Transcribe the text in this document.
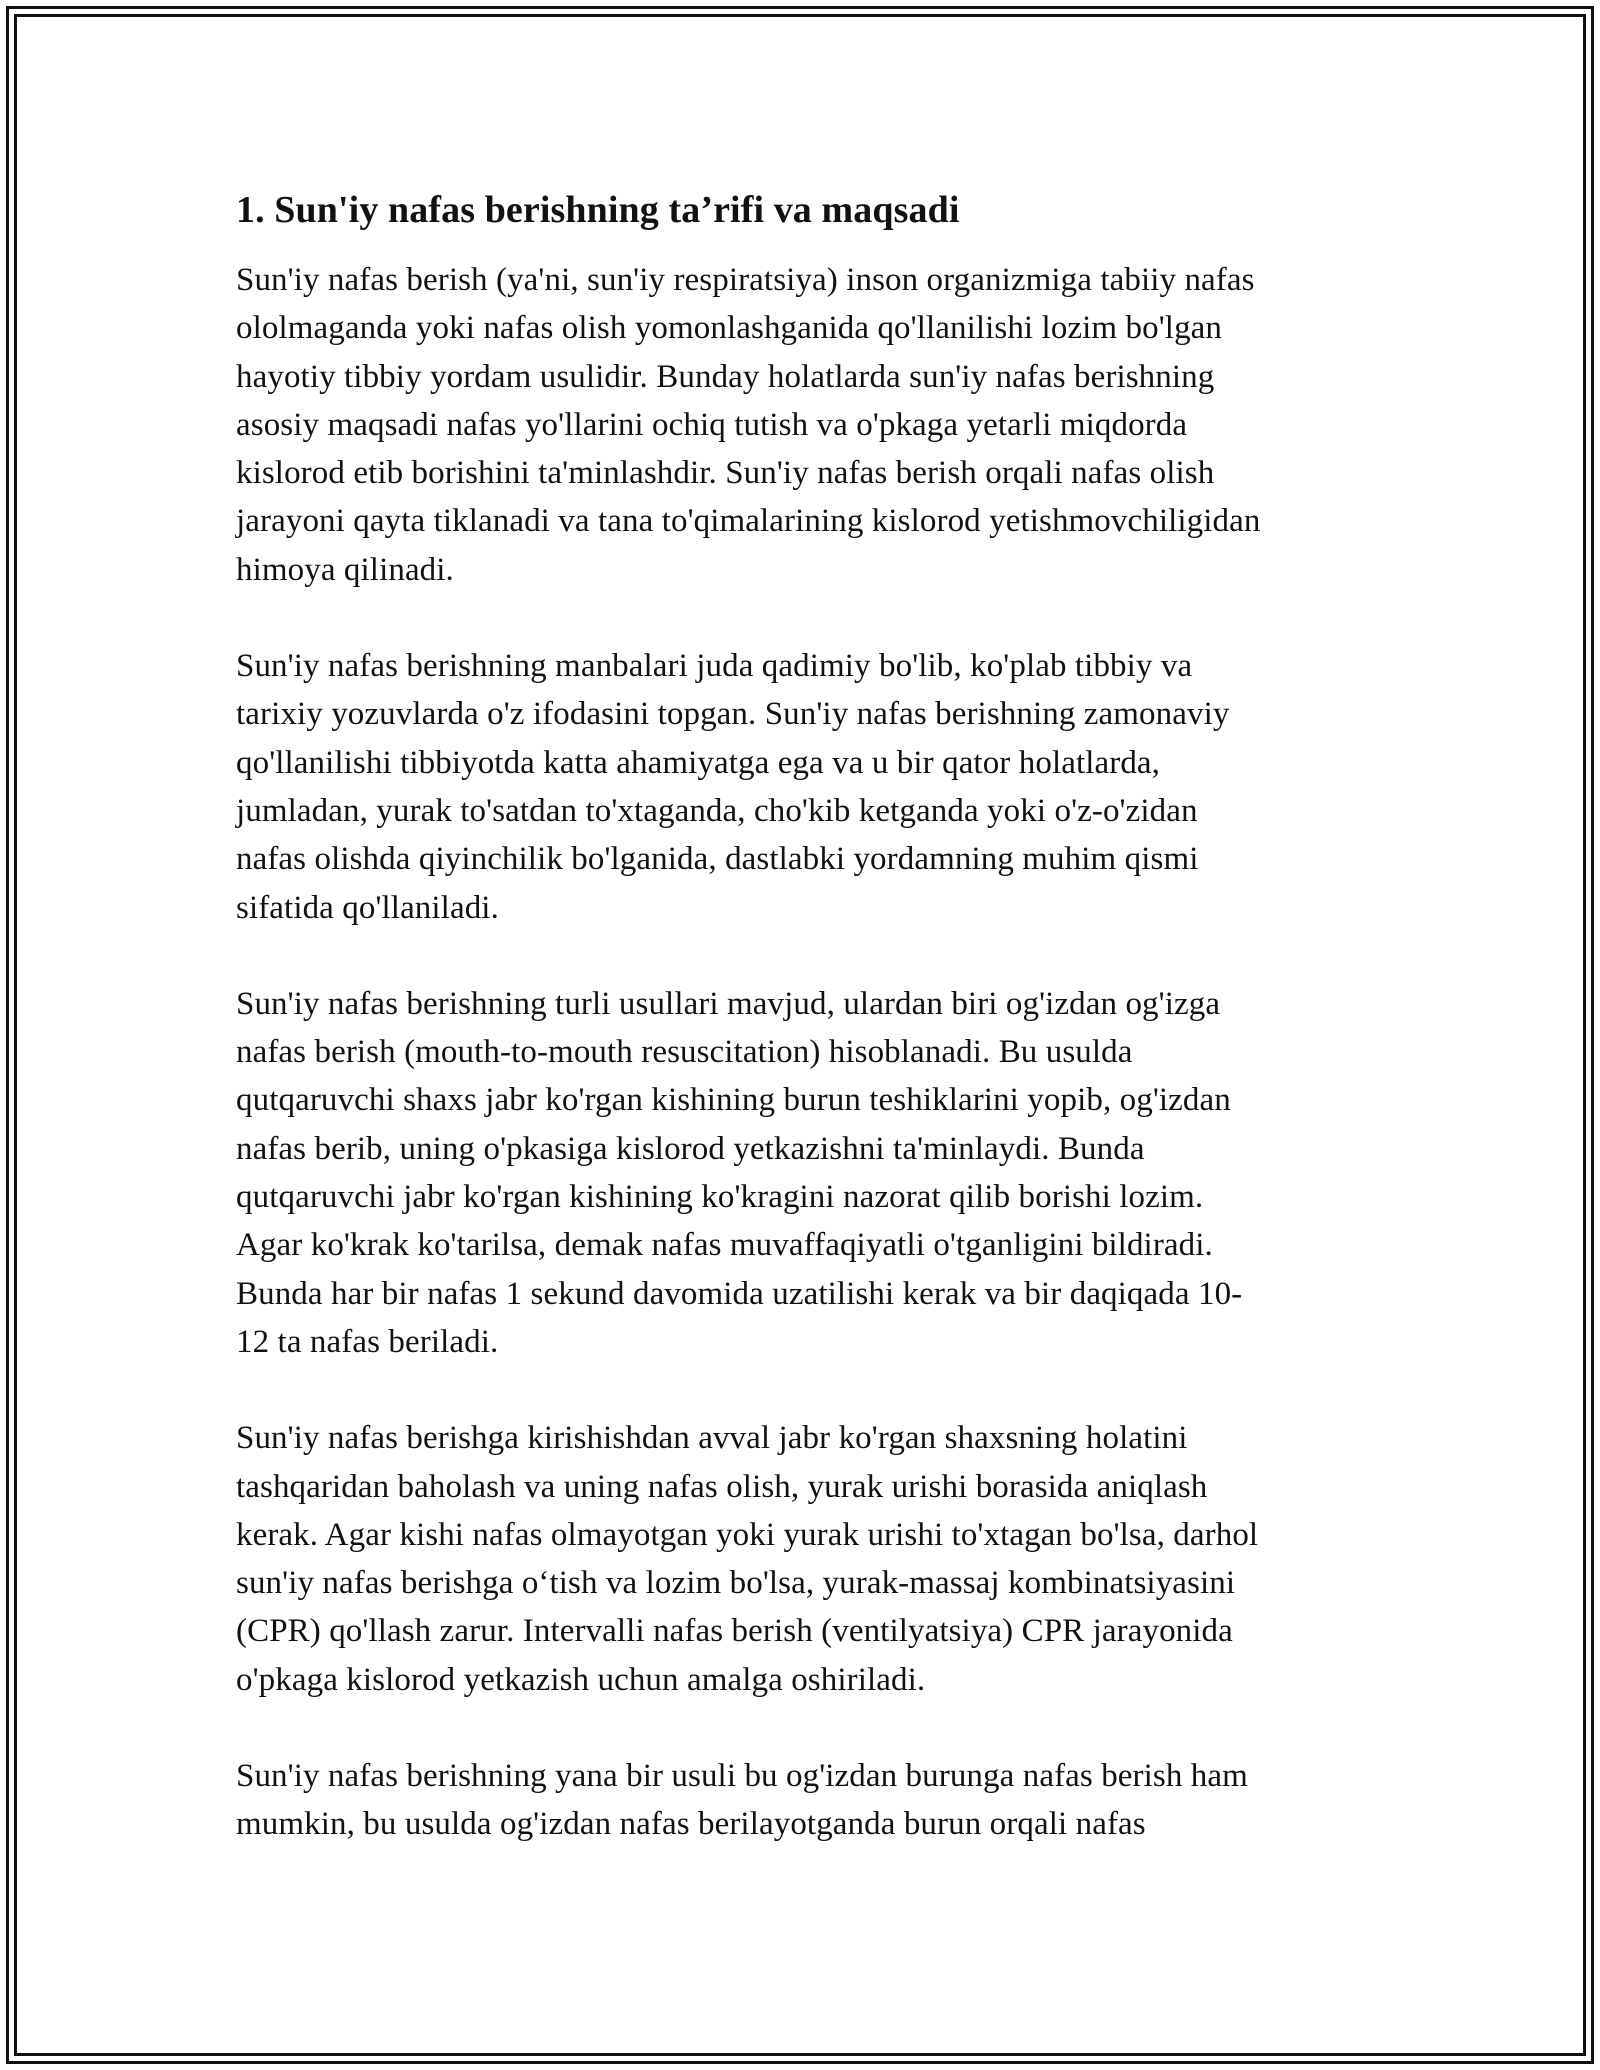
1. Sun'iy nafas berishning ta’rifi va maqsadi
Sun'iy nafas berish (ya'ni, sun'iy respiratsiya) inson organizmiga tabiiy nafas
ololmaganda yoki nafas olish yomonlashganida qo'llanilishi lozim bo'lgan
hayotiy tibbiy yordam usulidir. Bunday holatlarda sun'iy nafas berishning
asosiy maqsadi nafas yo'llarini ochiq tutish va o'pkaga yetarli miqdorda
kislorod etib borishini ta'minlashdir. Sun'iy nafas berish orqali nafas olish
jarayoni qayta tiklanadi va tana to'qimalarining kislorod yetishmovchiligidan
himoya qilinadi.
Sun'iy nafas berishning manbalari juda qadimiy bo'lib, ko'plab tibbiy va
tarixiy yozuvlarda o'z ifodasini topgan. Sun'iy nafas berishning zamonaviy
qo'llanilishi tibbiyotda katta ahamiyatga ega va u bir qator holatlarda,
jumladan, yurak to'satdan to'xtaganda, cho'kib ketganda yoki o'z-o'zidan
nafas olishda qiyinchilik bo'lganida, dastlabki yordamning muhim qismi
sifatida qo'llaniladi.
Sun'iy nafas berishning turli usullari mavjud, ulardan biri og'izdan og'izga
nafas berish (mouth-to-mouth resuscitation) hisoblanadi. Bu usulda
qutqaruvchi shaxs jabr ko'rgan kishining burun teshiklarini yopib, og'izdan
nafas berib, uning o'pkasiga kislorod yetkazishni ta'minlaydi. Bunda
qutqaruvchi jabr ko'rgan kishining ko'kragini nazorat qilib borishi lozim.
Agar ko'krak ko'tarilsa, demak nafas muvaffaqiyatli o'tganligini bildiradi.
Bunda har bir nafas 1 sekund davomida uzatilishi kerak va bir daqiqada 10-
12 ta nafas beriladi.
Sun'iy nafas berishga kirishishdan avval jabr ko'rgan shaxsning holatini
tashqaridan baholash va uning nafas olish, yurak urishi borasida aniqlash
kerak. Agar kishi nafas olmayotgan yoki yurak urishi to'xtagan bo'lsa, darhol
sun'iy nafas berishga o‘tish va lozim bo'lsa, yurak-massaj kombinatsiyasini
(CPR) qo'llash zarur. Intervalli nafas berish (ventilyatsiya) CPR jarayonida
o'pkaga kislorod yetkazish uchun amalga oshiriladi.
Sun'iy nafas berishning yana bir usuli bu og'izdan burunga nafas berish ham
mumkin, bu usulda og'izdan nafas berilayotganda burun orqali nafas
